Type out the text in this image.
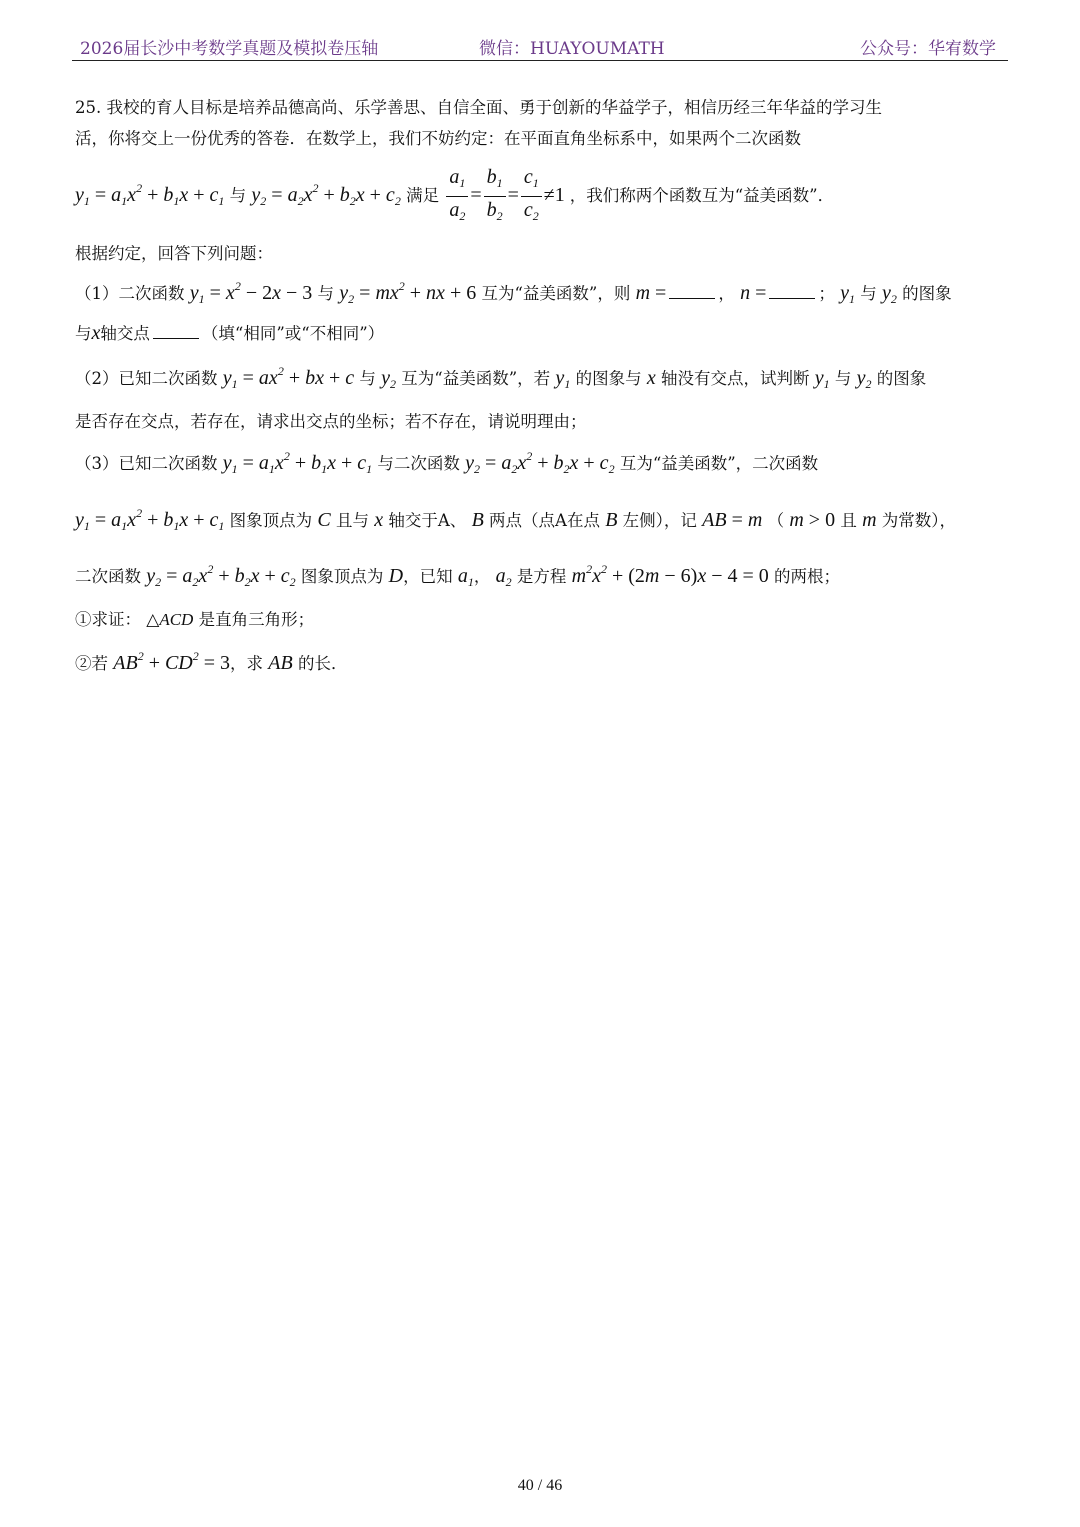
2026届长沙中考数学真题及模拟卷压轴	微信：HUAYOUMATH	公众号：华宥数学
25. 我校的育人目标是培养品德高尚、乐学善思、自信全面、勇于创新的华益学子，相信历经三年华益的学习生
活，你将交上一份优秀的答卷．在数学上，我们不妨约定：在平面直角坐标系中，如果两个二次函数
$y_1 = a_1x^2 + b_1x + c_1$ 与 $y_2 = a_2x^2 + b_2x + c_2$ 满足 $\frac{a_1}{a_2} = \frac{b_1}{b_2} = \frac{c_1}{c_2} \ne 1$ ，我们称两个函数互为“益美函数”．
根据约定，回答下列问题：
（1）二次函数 $y_1 = x^2 - 2x - 3$ 与 $y_2 = mx^2$ + nx + 6 互为“益美函数”，则 m =	， n =	； $y_1$ 与 $y_2$ 的图象
与x轴交点	（填“相同”或“不相同”）
（2）已知二次函数 $y_1 = ax^2$ + bx + c 与 $y_2$ 互为“益美函数”，若 $y_1$ 的图象与 x 轴没有交点，试判断 $y_1$ 与 $y_2$ 的图象
是否存在交点，若存在，请求出交点的坐标；若不存在，请说明理由；
（3）已知二次函数 $y_1 = a_1x^2 + b_1x + c_1$ 与二次函数 $y_2 = a_2x^2 + b_2x + c_2$ 互为“益美函数”，二次函数
$y_1 = a_1x^2 + b_1x + c_1$ 图象顶点为 C 且与 x 轴交于A、 B 两点（点A在点 B 左侧），记 AB = m （ m > 0 且 m 为常数），
二次函数 $y_2 = a_2x^2 + b_2x + c_2$ 图象顶点为 D，已知 $a_1$， $a_2$ 是方程 $m^2x^2 + (2m - 6)x - 4 = 0$ 的两根；
①求证： △ACD 是直角三角形；
②若 $AB^2 + CD^2 = 3$，求 AB 的长．
40 / 46
